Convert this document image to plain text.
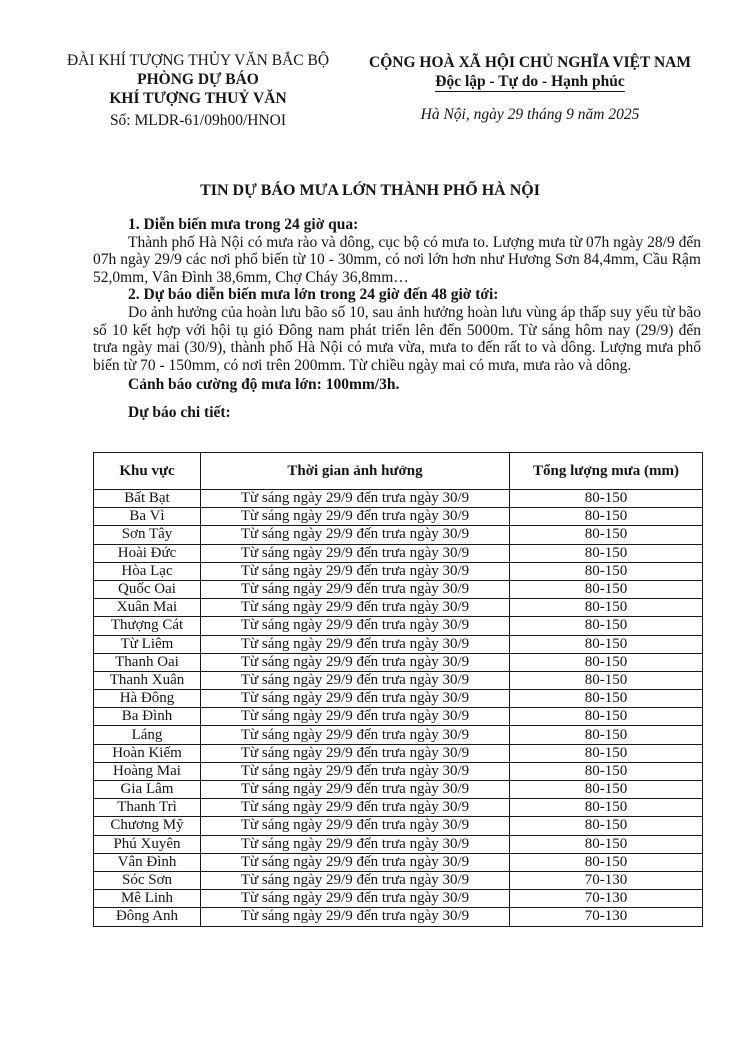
ĐÀI KHÍ TƯỢNG THỦY VĂN BẮC BỘ
PHÒNG DỰ BÁO
KHÍ TƯỢNG THUỶ VĂN
Số: MLDR-61/09h00/HNOI
CỘNG HOÀ XÃ HỘI CHỦ NGHĨA VIỆT NAM
Độc lập - Tự do - Hạnh phúc
Hà Nội, ngày 29 tháng 9 năm 2025
TIN DỰ BÁO MƯA LỚN THÀNH PHỐ HÀ NỘI
1. Diễn biến mưa trong 24 giờ qua:
Thành phố Hà Nội có mưa rào và dông, cục bộ có mưa to. Lượng mưa từ 07h ngày 28/9 đến 07h ngày 29/9 các nơi phổ biến từ 10 - 30mm, có nơi lớn hơn như Hương Sơn 84,4mm, Cầu Rậm 52,0mm, Vân Đình 38,6mm, Chợ Cháy 36,8mm…
2. Dự báo diễn biến mưa lớn trong 24 giờ đến 48 giờ tới:
Do ảnh hưởng của hoàn lưu bão số 10, sau ảnh hưởng hoàn lưu vùng áp thấp suy yếu từ bão số 10 kết hợp với hội tụ gió Đông nam phát triển lên đến 5000m. Từ sáng hôm nay (29/9) đến trưa ngày mai (30/9), thành phố Hà Nội có mưa vừa, mưa to đến rất to và dông. Lượng mưa phổ biến từ 70 - 150mm, có nơi trên 200mm. Từ chiều ngày mai có mưa, mưa rào và dông.
Cảnh báo cường độ mưa lớn: 100mm/3h.
Dự báo chi tiết:
Khu vực	Thời gian ảnh hưởng	Tổng lượng mưa (mm)
Bất Bạt	Từ sáng ngày 29/9 đến trưa ngày 30/9	80-150
Ba Vì	Từ sáng ngày 29/9 đến trưa ngày 30/9	80-150
Sơn Tây	Từ sáng ngày 29/9 đến trưa ngày 30/9	80-150
Hoài Đức	Từ sáng ngày 29/9 đến trưa ngày 30/9	80-150
Hòa Lạc	Từ sáng ngày 29/9 đến trưa ngày 30/9	80-150
Quốc Oai	Từ sáng ngày 29/9 đến trưa ngày 30/9	80-150
Xuân Mai	Từ sáng ngày 29/9 đến trưa ngày 30/9	80-150
Thượng Cát	Từ sáng ngày 29/9 đến trưa ngày 30/9	80-150
Từ Liêm	Từ sáng ngày 29/9 đến trưa ngày 30/9	80-150
Thanh Oai	Từ sáng ngày 29/9 đến trưa ngày 30/9	80-150
Thanh Xuân	Từ sáng ngày 29/9 đến trưa ngày 30/9	80-150
Hà Đông	Từ sáng ngày 29/9 đến trưa ngày 30/9	80-150
Ba Đình	Từ sáng ngày 29/9 đến trưa ngày 30/9	80-150
Láng	Từ sáng ngày 29/9 đến trưa ngày 30/9	80-150
Hoàn Kiếm	Từ sáng ngày 29/9 đến trưa ngày 30/9	80-150
Hoàng Mai	Từ sáng ngày 29/9 đến trưa ngày 30/9	80-150
Gia Lâm	Từ sáng ngày 29/9 đến trưa ngày 30/9	80-150
Thanh Trì	Từ sáng ngày 29/9 đến trưa ngày 30/9	80-150
Chương Mỹ	Từ sáng ngày 29/9 đến trưa ngày 30/9	80-150
Phú Xuyên	Từ sáng ngày 29/9 đến trưa ngày 30/9	80-150
Vân Đình	Từ sáng ngày 29/9 đến trưa ngày 30/9	80-150
Sóc Sơn	Từ sáng ngày 29/9 đến trưa ngày 30/9	70-130
Mê Linh	Từ sáng ngày 29/9 đến trưa ngày 30/9	70-130
Đông Anh	Từ sáng ngày 29/9 đến trưa ngày 30/9	70-130
